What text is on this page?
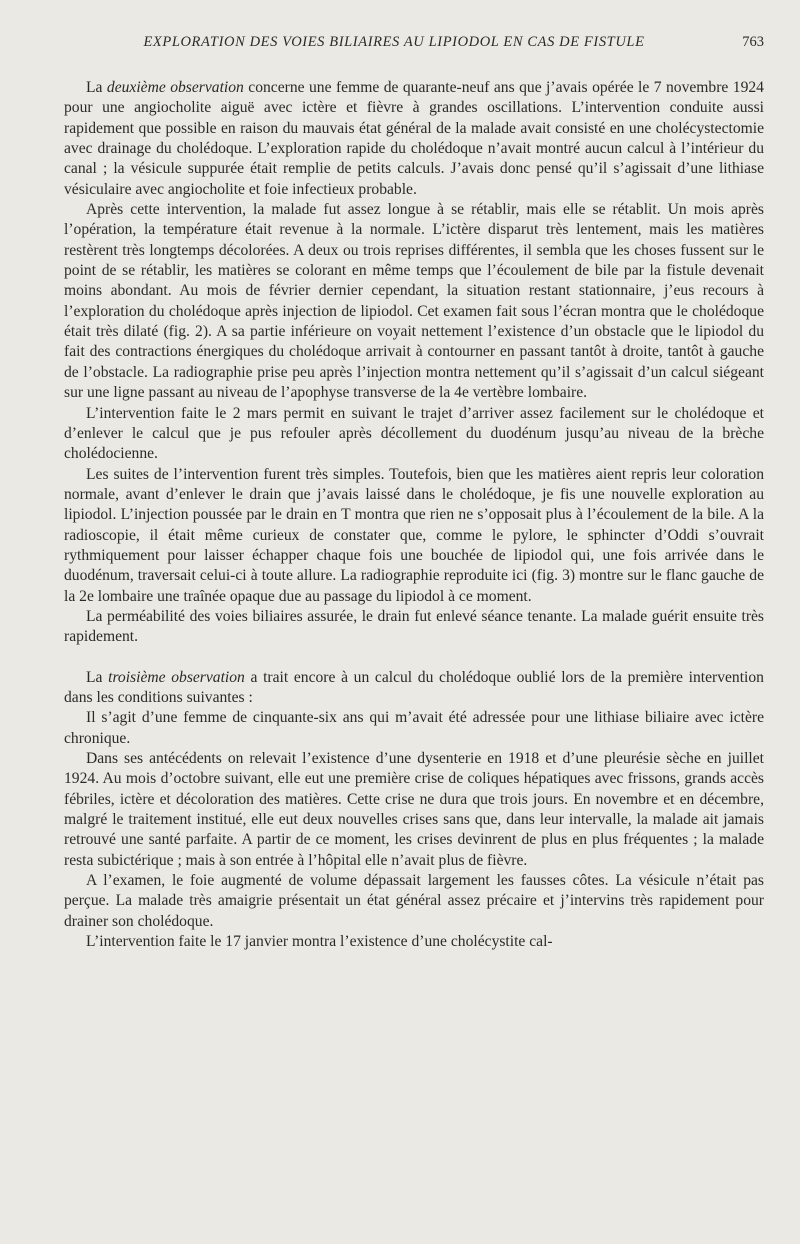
EXPLORATION DES VOIES BILIAIRES AU LIPIODOL EN CAS DE FISTULE	763

La deuxième observation concerne une femme de quarante-neuf ans que j’avais opérée le 7 novembre 1924 pour une angiocholite aiguë avec ictère et fièvre à grandes oscillations. L’intervention conduite aussi rapidement que possible en raison du mauvais état général de la malade avait consisté en une cholécystectomie avec drainage du cholédoque. L’exploration rapide du cholédoque n’avait montré aucun calcul à l’intérieur du canal ; la vésicule suppurée était remplie de petits calculs. J’avais donc pensé qu’il s’agissait d’une lithiase vésiculaire avec angiocholite et foie infectieux probable.

Après cette intervention, la malade fut assez longue à se rétablir, mais elle se rétablit. Un mois après l’opération, la température était revenue à la normale. L’ictère disparut très lentement, mais les matières restèrent très longtemps décolorées. A deux ou trois reprises différentes, il sembla que les choses fussent sur le point de se rétablir, les matières se colorant en même temps que l’écoulement de bile par la fistule devenait moins abondant. Au mois de février dernier cependant, la situation restant stationnaire, j’eus recours à l’exploration du cholédoque après injection de lipiodol. Cet examen fait sous l’écran montra que le cholédoque était très dilaté (fig. 2). A sa partie inférieure on voyait nettement l’existence d’un obstacle que le lipiodol du fait des contractions énergiques du cholédoque arrivait à contourner en passant tantôt à droite, tantôt à gauche de l’obstacle. La radiographie prise peu après l’injection montra nettement qu’il s’agissait d’un calcul siégeant sur une ligne passant au niveau de l’apophyse transverse de la 4e vertèbre lombaire.

L’intervention faite le 2 mars permit en suivant le trajet d’arriver assez facilement sur le cholédoque et d’enlever le calcul que je pus refouler après décollement du duodénum jusqu’au niveau de la brèche cholédocienne.

Les suites de l’intervention furent très simples. Toutefois, bien que les matières aient repris leur coloration normale, avant d’enlever le drain que j’avais laissé dans le cholédoque, je fis une nouvelle exploration au lipiodol. L’injection poussée par le drain en T montra que rien ne s’opposait plus à l’écoulement de la bile. A la radioscopie, il était même curieux de constater que, comme le pylore, le sphincter d’Oddi s’ouvrait rythmiquement pour laisser échapper chaque fois une bouchée de lipiodol qui, une fois arrivée dans le duodénum, traversait celui-ci à toute allure. La radiographie reproduite ici (fig. 3) montre sur le flanc gauche de la 2e lombaire une traînée opaque due au passage du lipiodol à ce moment.

La perméabilité des voies biliaires assurée, le drain fut enlevé séance tenante. La malade guérit ensuite très rapidement.

La troisième observation a trait encore à un calcul du cholédoque oublié lors de la première intervention dans les conditions suivantes :

Il s’agit d’une femme de cinquante-six ans qui m’avait été adressée pour une lithiase biliaire avec ictère chronique.

Dans ses antécédents on relevait l’existence d’une dysenterie en 1918 et d’une pleurésie sèche en juillet 1924. Au mois d’octobre suivant, elle eut une première crise de coliques hépatiques avec frissons, grands accès fébriles, ictère et décoloration des matières. Cette crise ne dura que trois jours. En novembre et en décembre, malgré le traitement institué, elle eut deux nouvelles crises sans que, dans leur intervalle, la malade ait jamais retrouvé une santé parfaite. A partir de ce moment, les crises devinrent de plus en plus fréquentes ; la malade resta subictérique ; mais à son entrée à l’hôpital elle n’avait plus de fièvre.

A l’examen, le foie augmenté de volume dépassait largement les fausses côtes. La vésicule n’était pas perçue. La malade très amaigrie présentait un état général assez précaire et j’intervins très rapidement pour drainer son cholédoque.

L’intervention faite le 17 janvier montra l’existence d’une cholécystite cal-
